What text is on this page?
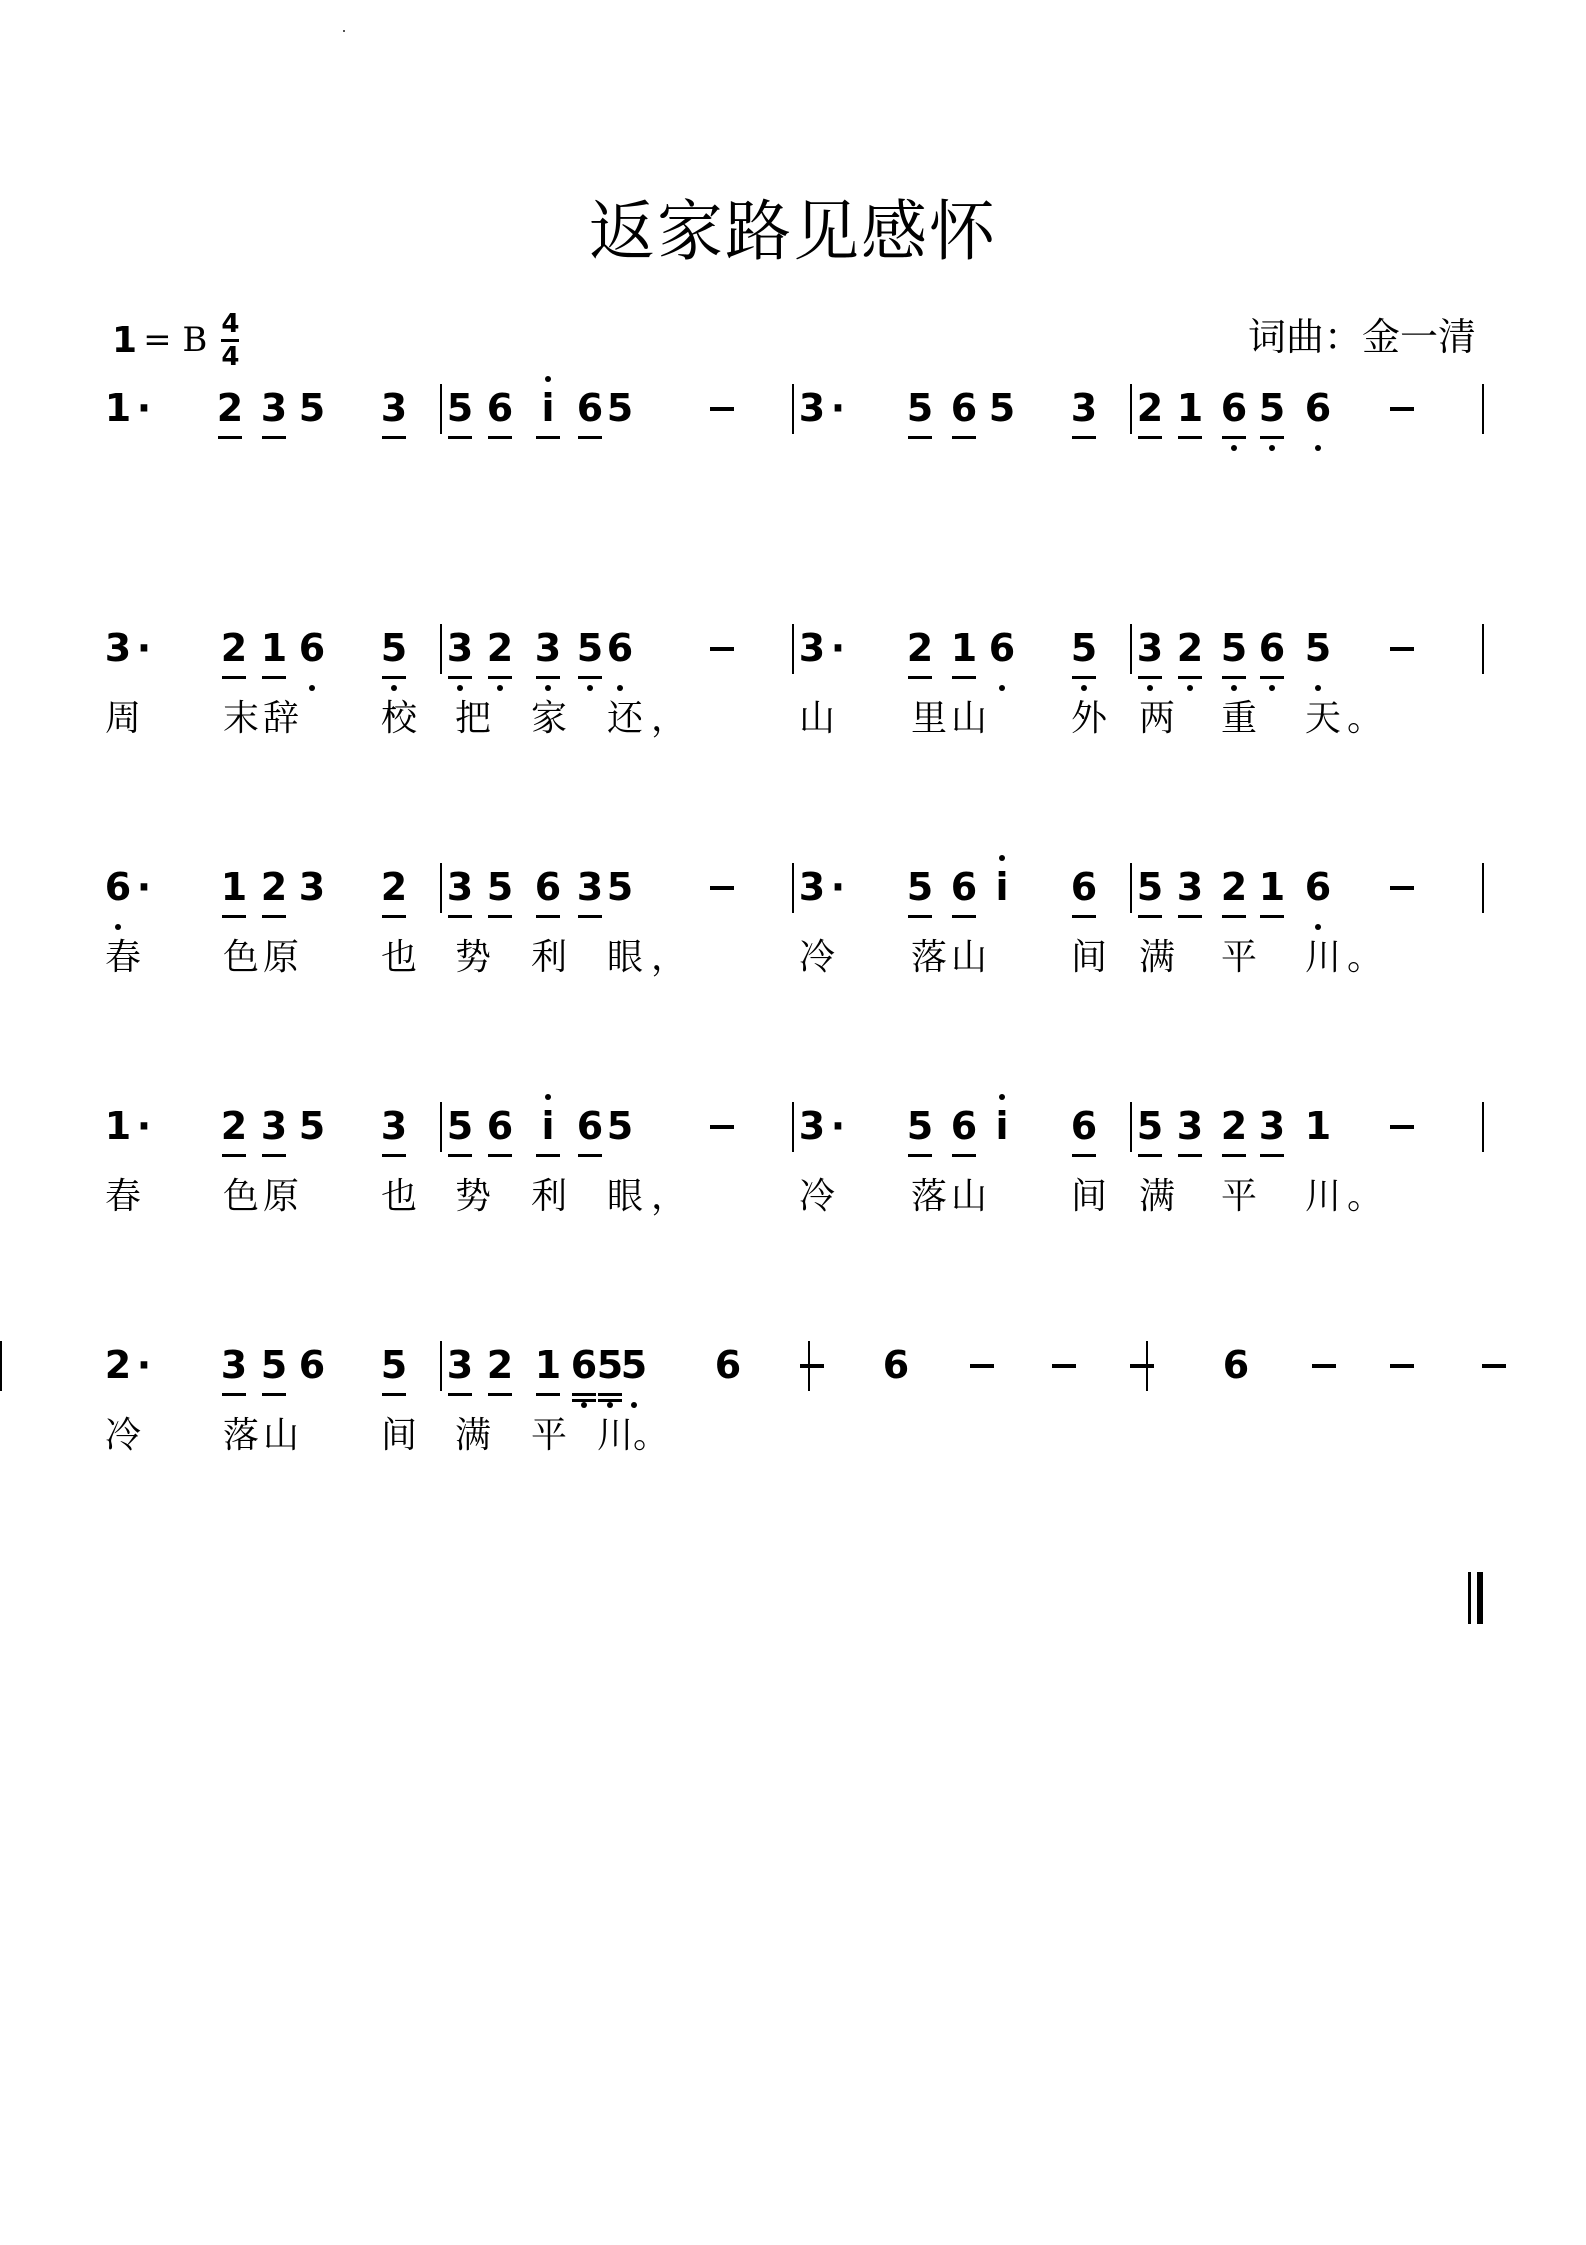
返家路见感怀
1 = B 4
4	词曲：金一清
1 · 2 3 5 3 5 6 i 6 5	3 · 5 6 5 3 2 1 6 5 6
3 · 2 1 6 5 3 2 3 5 6	3 · 2 1 6 5 3 2 5 6 5
周 末 辞 校 把 家 还 ，	山 里 山 外 两 重 天 。
6 · 1 2 3 2 3 5 6 3 5	3 · 5 6 i	6 5 3 2 1 6
春 色 原 也 势 利 眼 ，	冷 落 山 间 满 平 川 。
1 · 2 3 5 3 5 6 i 6 5	3 · 5 6 i	6 5 3 2 3 1
春 色 原 也 势 利 眼 ，	冷 落 山 间 满 平 川 。
2 · 3 5 6 5 3 2 1 6 5
5 6	6	6
冷 落 山 间 满 平 川 。
